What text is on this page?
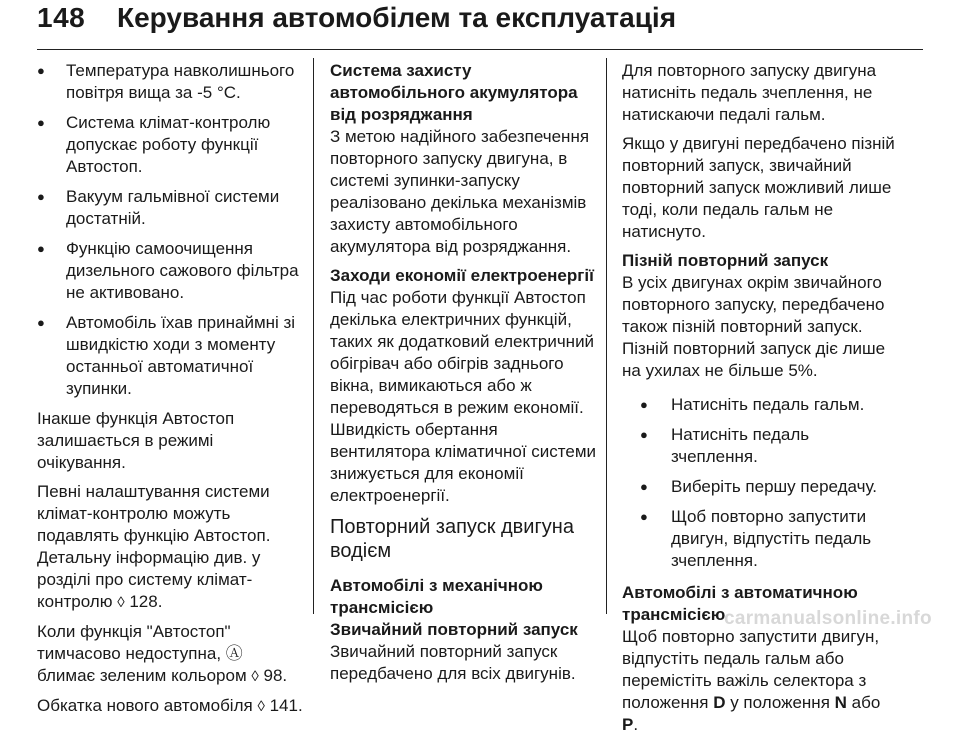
148 Керування автомобілем та експлуатація
● Температура навколишнього повітря вища за -5 °C.
● Система клімат-контролю допускає роботу функції Автостоп.
● Вакуум гальмівної системи достатній.
● Функцію самоочищення дизельного сажового фільтра не активовано.
● Автомобіль їхав принаймні зі швидкістю ходи з моменту останньої автоматичної зупинки.

Інакше функція Автостоп залишається в режимі очікування.

Певні налаштування системи клімат-контролю можуть подавлять функцію Автостоп. Детальну інформацію див. у розділі про систему клімат-контролю ◊ 128.

Коли функція "Автостоп" тимчасово недоступна, Ⓐ блимає зеленим кольором ◊ 98.

Обкатка нового автомобіля ◊ 141.

Система захисту автомобільного акумулятора від розряджання

З метою надійного забезпечення повторного запуску двигуна, в системі зупинки-запуску реалізовано декілька механізмів захисту автомобільного акумулятора від розряджання.

Заходи економії електроенергії

Під час роботи функції Автостоп декілька електричних функцій, таких як додатковий електричний обігрівач або обігрів заднього вікна, вимикаються або ж переводяться в режим економії. Швидкість обертання вентилятора кліматичної системи знижується для економії електроенергії.

Повторний запуск двигуна водієм
Автомобілі з механічною трансмісією
Звичайний повторний запуск

Звичайний повторний запуск передбачено для всіх двигунів.

Для повторного запуску двигуна натисніть педаль зчеплення, не натискаючи педалі гальм.

Якщо у двигуні передбачено пізній повторний запуск, звичайний повторний запуск можливий лише тоді, коли педаль гальм не натиснуто.

Пізній повторний запуск

В усіх двигунах окрім звичайного повторного запуску, передбачено також пізній повторний запуск. Пізній повторний запуск діє лише на ухилах не більше 5%.

● Натисніть педаль гальм.
● Натисніть педаль зчеплення.
● Виберіть першу передачу.
● Щоб повторно запустити двигун, відпустіть педаль зчеплення.
Автомобілі з автоматичною трансмісією

Щоб повторно запустити двигун, відпустіть педаль гальм або перемістіть важіль селектора з положення D у положення N або P.

carmanualsonline.info
